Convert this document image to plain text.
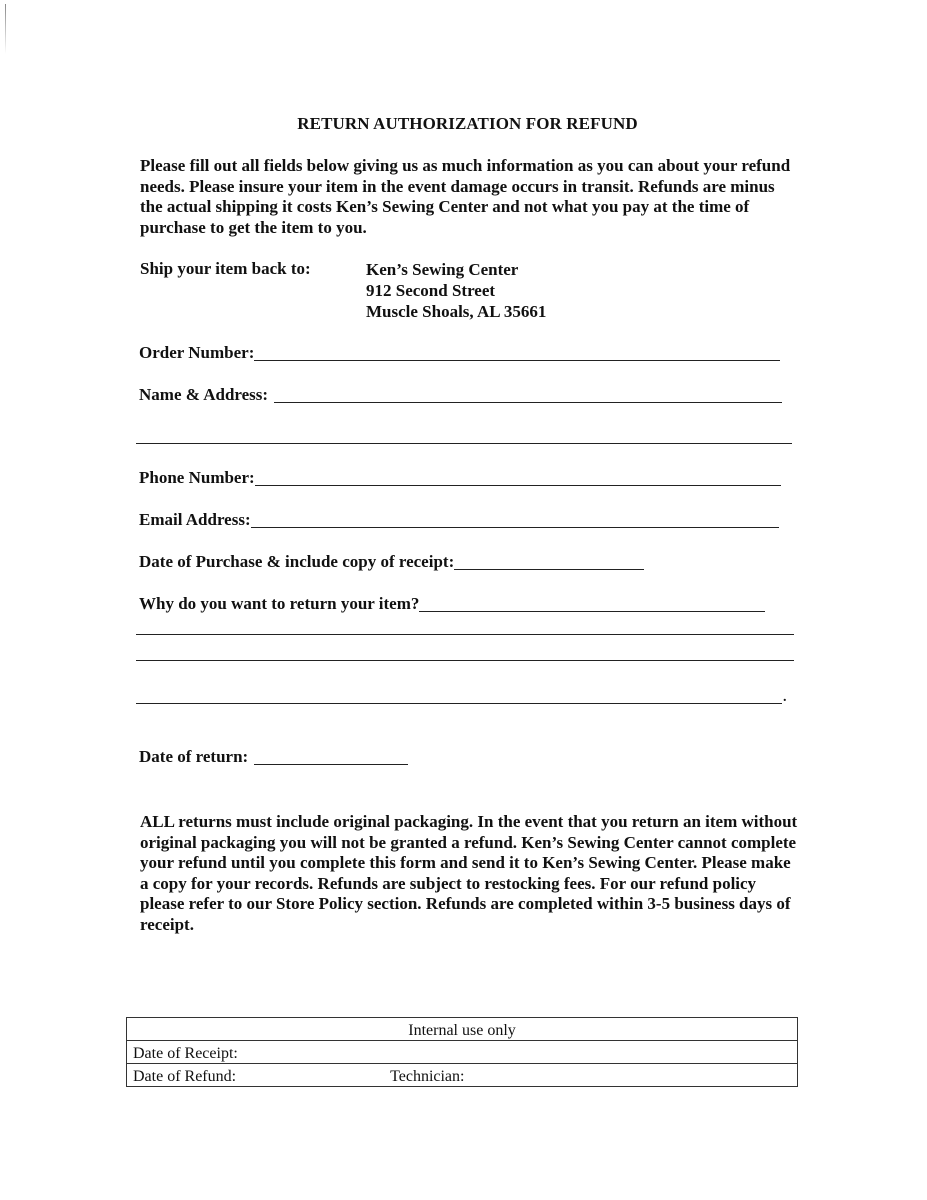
RETURN AUTHORIZATION FOR REFUND
Please fill out all fields below giving us as much information as you can about your refund needs. Please insure your item in the event damage occurs in transit. Refunds are minus the actual shipping it costs Ken’s Sewing Center and not what you pay at the time of purchase to get the item to you.
Ship your item back to:	Ken’s Sewing Center
912 Second Street
Muscle Shoals, AL 35661
Order Number:
Name & Address:
Phone Number:
Email Address:
Date of Purchase & include copy of receipt:
Why do you want to return your item?
.
Date of return:
ALL returns must include original packaging. In the event that you return an item without original packaging you will not be granted a refund. Ken’s Sewing Center cannot complete your refund until you complete this form and send it to Ken’s Sewing Center. Please make a copy for your records. Refunds are subject to restocking fees. For our refund policy please refer to our Store Policy section. Refunds are completed within 3-5 business days of receipt.
Internal use only
Date of Receipt:
Date of Refund:	Technician:
